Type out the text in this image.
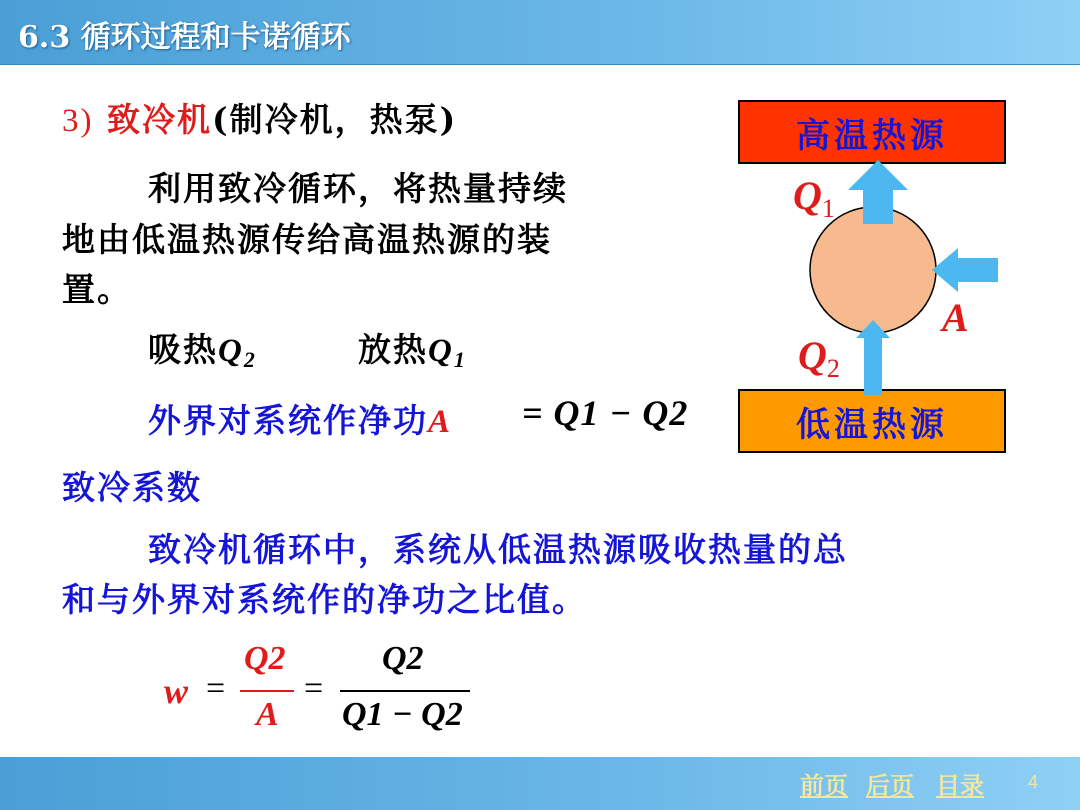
6.3 循环过程和卡诺循环
3) 致冷机(制冷机，热泵)
利用致冷循环，将热量持续
地由低温热源传给高温热源的装
置。
吸热$Q_2$	放热$Q_1$
外界对系统作净功A = Q1 − Q2
致冷系数
致冷机循环中，系统从低温热源吸收热量的总
和与外界对系统作的净功之比值。
w =
Q2
A
=
Q2
Q1 − Q2
高温热源
低温热源
$Q_1$
A
$Q_2$
前页 后页 目录 4
